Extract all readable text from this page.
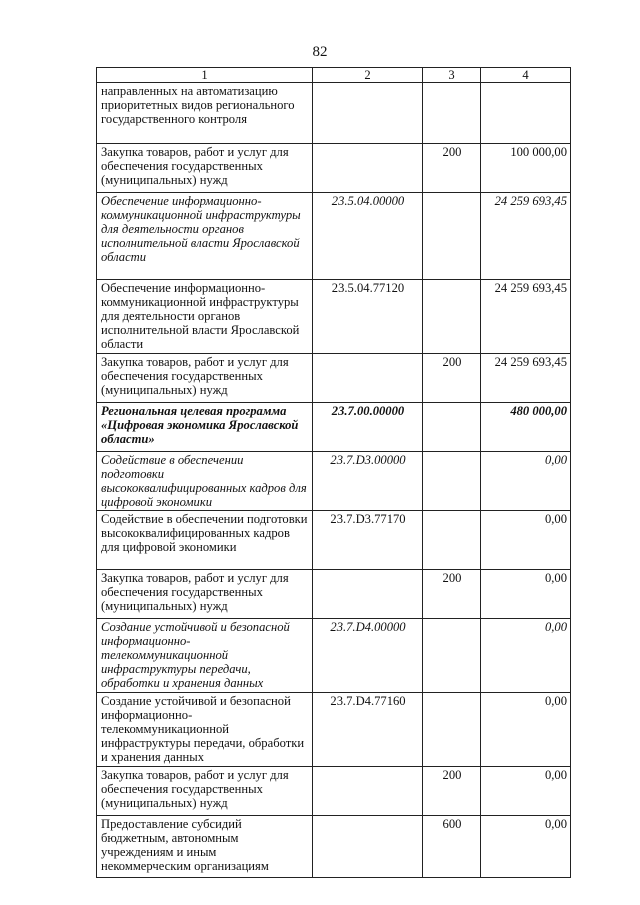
82
1	2	3	4
направленных на автоматизацию приоритетных видов регионального государственного контроля			
Закупка товаров, работ и услуг для обеспечения государственных (муниципальных) нужд		200	100 000,00
Обеспечение информационно-коммуникационной инфраструктуры для деятельности органов исполнительной власти Ярославской области	23.5.04.00000		24 259 693,45
Обеспечение информационно-коммуникационной инфраструктуры для деятельности органов исполнительной власти Ярославской области	23.5.04.77120		24 259 693,45
Закупка товаров, работ и услуг для обеспечения государственных (муниципальных) нужд		200	24 259 693,45
Региональная целевая программа «Цифровая экономика Ярославской области»	23.7.00.00000		480 000,00
Содействие в обеспечении подготовки высококвалифицированных кадров для цифровой экономики	23.7.D3.00000		0,00
Содействие в обеспечении подготовки высококвалифицированных кадров для цифровой экономики	23.7.D3.77170		0,00
Закупка товаров, работ и услуг для обеспечения государственных (муниципальных) нужд		200	0,00
Создание устойчивой и безопасной информационно-телекоммуникационной инфраструктуры передачи, обработки и хранения данных	23.7.D4.00000		0,00
Создание устойчивой и безопасной информационно-телекоммуникационной инфраструктуры передачи, обработки и хранения данных	23.7.D4.77160		0,00
Закупка товаров, работ и услуг для обеспечения государственных (муниципальных) нужд		200	0,00
Предоставление субсидий бюджетным, автономным учреждениям и иным некоммерческим организациям		600	0,00
